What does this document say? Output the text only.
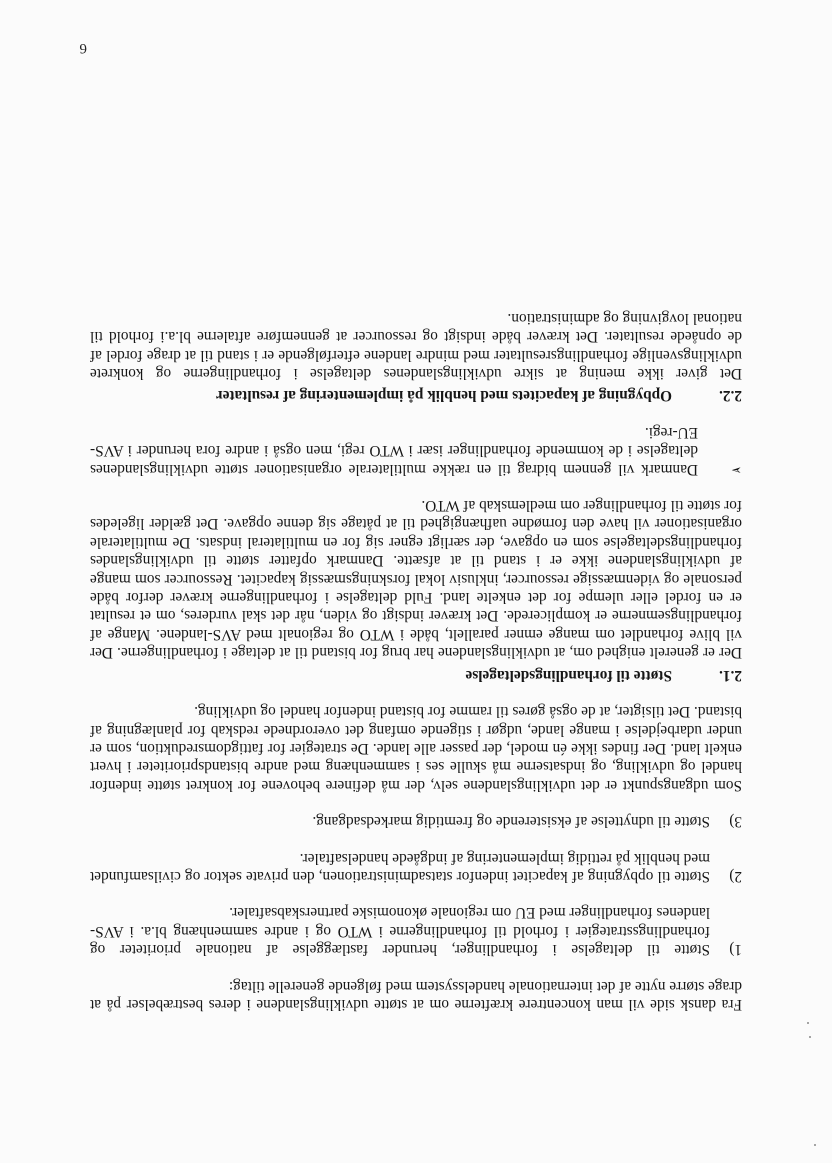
Fra dansk side vil man koncentrere kræfterne om at støtte udviklingslandene i deres bestræbelser på at drage større nytte af det internationale handelssystem med følgende generelle tiltag:

1)
Støtte til deltagelse i forhandlinger, herunder fastlæggelse af nationale prioriteter og forhandlingsstrategier i forhold til forhandlingerne i WTO og i andre sammenhæng bl.a. i AVS-landenes forhandlinger med EU om regionale økonomiske partnerskabsaftaler.
2)
Støtte til opbygning af kapacitet indenfor statsadministrationen, den private sektor og civilsamfundet med henblik på rettidig implementering af indgåede handelsaftaler.
3)
Støtte til udnyttelse af eksisterende og fremtidig markedsadgang.

Som udgangspunkt er det udviklingslandene selv, der må definere behovene for konkret støtte indenfor handel og udvikling, og indsatserne må skulle ses i sammenhæng med andre bistandsprioriteter i hvert enkelt land. Der findes ikke én model, der passer alle lande. De strategier for fattigdomsreduktion, som er under udarbejdelse i mange lande, udgør i stigende omfang det overordnede redskab for planlægning af bistand. Det tilsigter, at de også gøres til ramme for bistand indenfor handel og udvikling.

2.1.
Støtte til forhandlingsdeltagelse

Der er generelt enighed om, at udviklingslandene har brug for bistand til at deltage i forhandlingerne. Der vil blive forhandlet om mange emner parallelt, både i WTO og regionalt med AVS-landene. Mange af forhandlingsemnerne er komplicerede. Det kræver indsigt og viden, når det skal vurderes, om et resultat er en fordel eller ulempe for det enkelte land. Fuld deltagelse i forhandlingerne kræver derfor både personale og videnmæssige ressourcer, inklusiv lokal forskningsmæssig kapacitet. Ressourcer som mange af udviklingslandene ikke er i stand til at afsætte. Danmark opfatter støtte til udviklingslandes forhandlingsdeltagelse som en opgave, der særligt egner sig for en multilateral indsats. De multilaterale organisationer vil have den fornødne uafhængighed til at påtage sig denne opgave. Det gælder ligeledes for støtte til forhandlinger om medlemskab af WTO.

➢
Danmark vil gennem bidrag til en række multilaterale organisationer støtte udviklingslandenes deltagelse i de kommende forhandlinger især i WTO regi, men også i andre fora herunder i AVS-EU-regi.
2.2.
Opbygning af kapacitets med henblik på implementering af resultater

Det giver ikke mening at sikre udviklingslandenes deltagelse i forhandlingerne og konkrete udviklingsvenlige forhandlingsresultater med mindre landene efterfølgende er i stand til at drage fordel af de opnåede resultater. Det kræver både indsigt og ressourcer at gennemføre aftalerne bl.a.i forhold til national lovgivning og administration.

6
